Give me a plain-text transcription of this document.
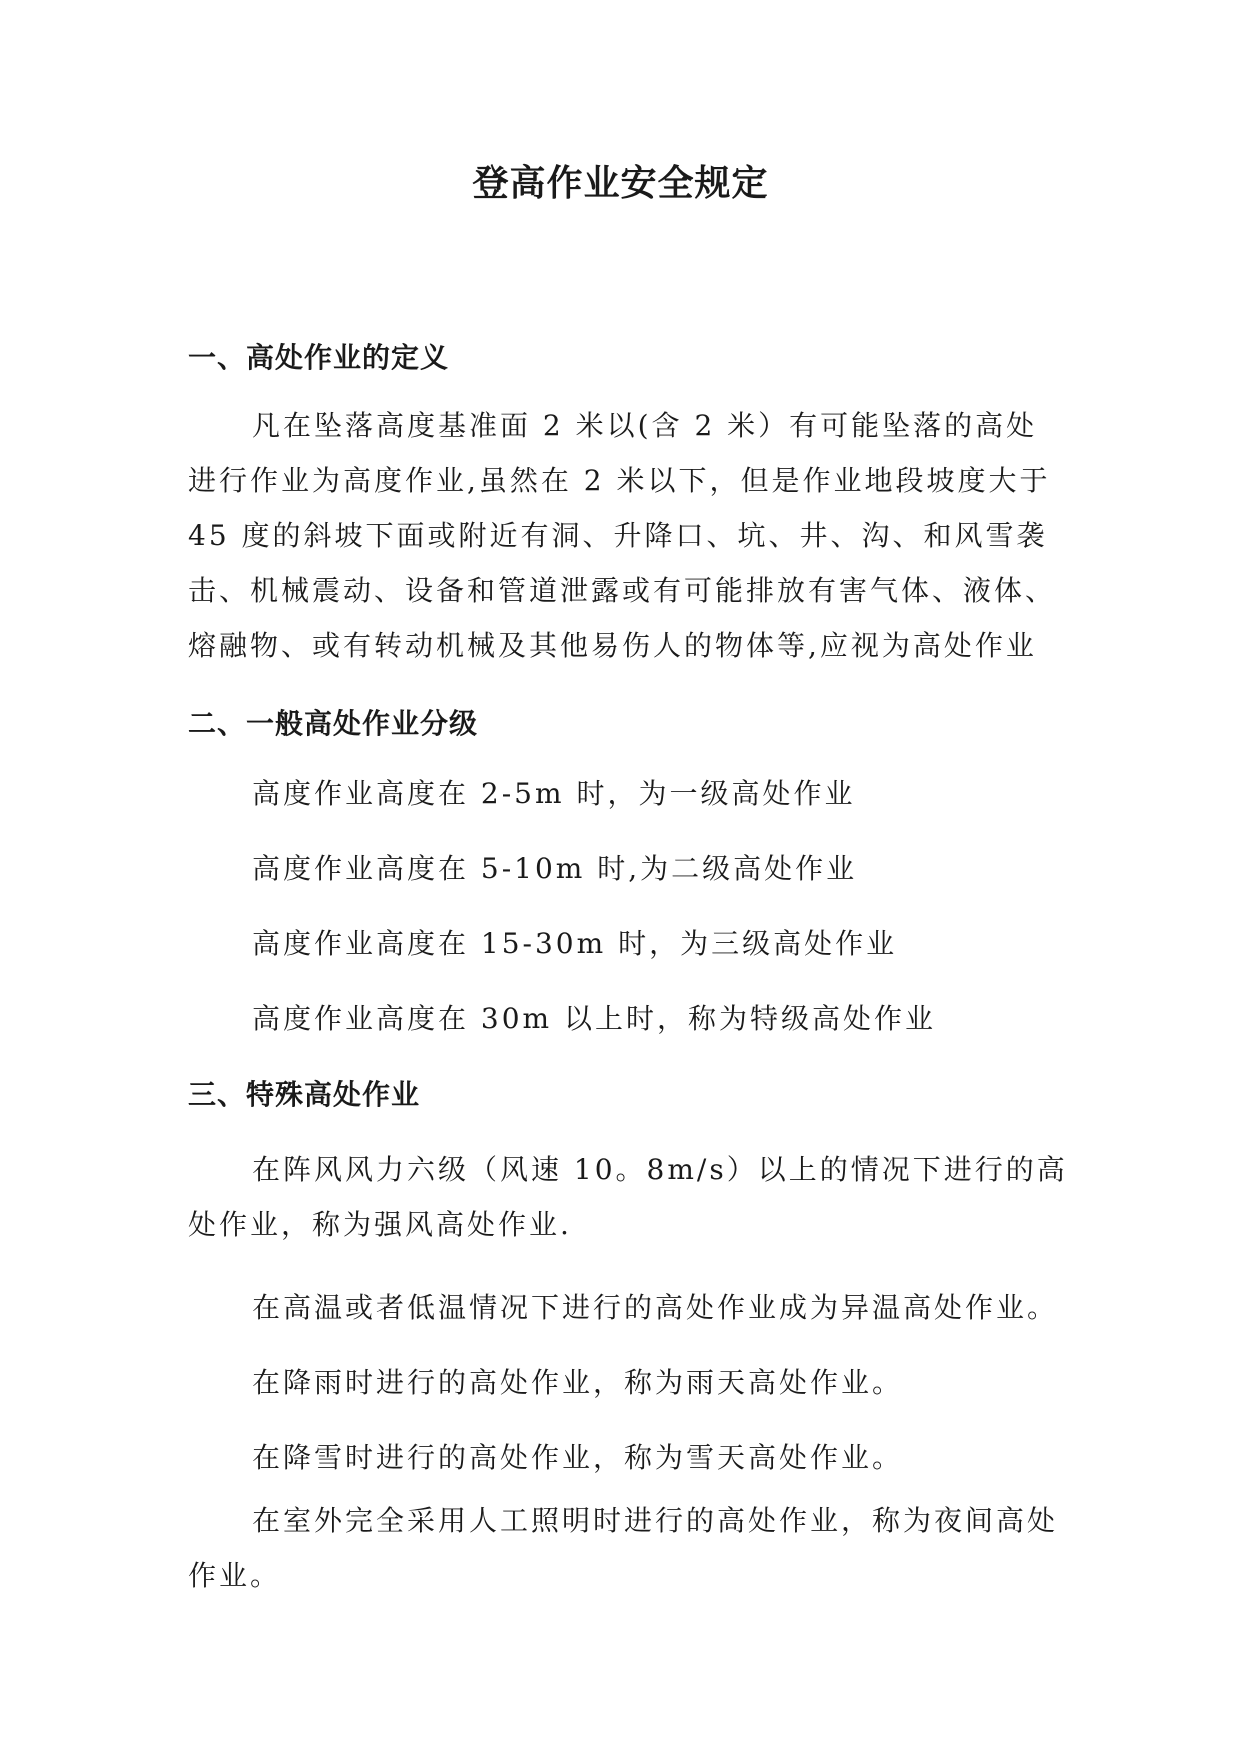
登高作业安全规定
一、高处作业的定义
凡在坠落高度基准面 2 米以(含 2 米）有可能坠落的高处进行作业为高度作业,虽然在 2 米以下，但是作业地段坡度大于 45 度的斜坡下面或附近有洞、升降口、坑、井、沟、和风雪袭击、机械震动、设备和管道泄露或有可能排放有害气体、液体、熔融物、或有转动机械及其他易伤人的物体等,应视为高处作业
二、一般高处作业分级
高度作业高度在 2-5m 时，为一级高处作业
高度作业高度在 5-10m 时,为二级高处作业
高度作业高度在 15-30m 时，为三级高处作业
高度作业高度在 30m 以上时，称为特级高处作业
三、特殊高处作业
在阵风风力六级（风速 10。8m/s）以上的情况下进行的高处作业，称为强风高处作业.
在高温或者低温情况下进行的高处作业成为异温高处作业。
在降雨时进行的高处作业，称为雨天高处作业。
在降雪时进行的高处作业，称为雪天高处作业。
在室外完全采用人工照明时进行的高处作业，称为夜间高处作业。
